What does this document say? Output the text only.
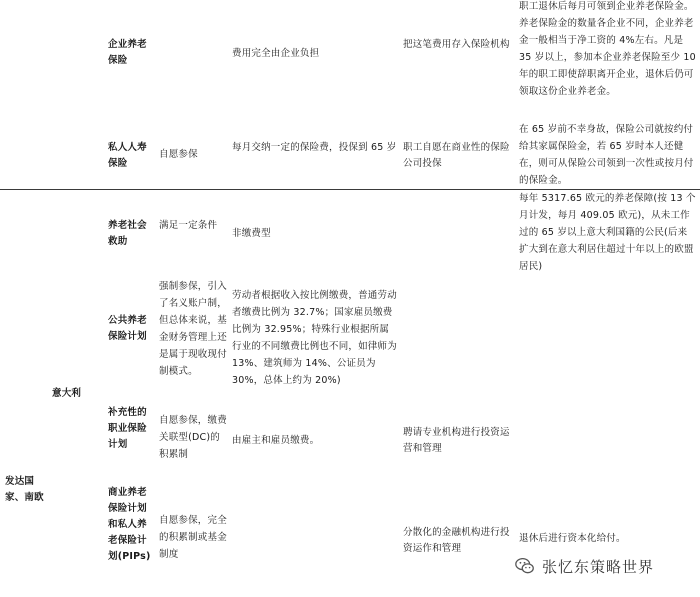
企业养老保险
费用完全由企业负担
把这笔费用存入保险机构
职工退休后每月可领到企业养老保险金。养老保险金的数量各企业不同，企业养老金一般相当于净工资的 4%左右。凡是 35 岁以上，参加本企业养老保险至少 10 年的职工即使辞职离开企业，退休后仍可领取这份企业养老金。
私人人寿保险
自愿参保
每月交纳一定的保险费，投保到 65 岁 职工自愿在商业性的保险公司投保
在 65 岁前不幸身故，保险公司就按约付给其家属保险金，若 65 岁时本人还健在，则可从保险公司领到一次性或按月付的保险金。
发达国家、南欧
意大利
养老社会救助
满足一定条件
非缴费型
每年 5317.65 欧元的养老保障(按 13 个月计发，每月 409.05 欧元)，从未工作过的 65 岁以上意大利国籍的公民(后来扩大到在意大利居住超过十年以上的欧盟居民)
公共养老保险计划
强制参保，引入了名义账户制，但总体来说，基金财务管理上还是属于现收现付制模式。
劳动者根据收入按比例缴费，普通劳动者缴费比例为 32.7%；国家雇员缴费比例为 32.95%；特殊行业根据所属行业的不同缴费比例也不同，如律师为 13%、建筑师为 14%、公证员为 30%，总体上约为 20%)
补充性的职业保险计划
自愿参保，缴费关联型(DC)的积累制
由雇主和雇员缴费。
聘请专业机构进行投资运营和管理
商业养老保险计划和私人养老保险计划(PIPs)
自愿参保，完全的积累制或基金制度
分散化的金融机构进行投资运作和管理
退休后进行资本化给付。
张忆东策略世界
